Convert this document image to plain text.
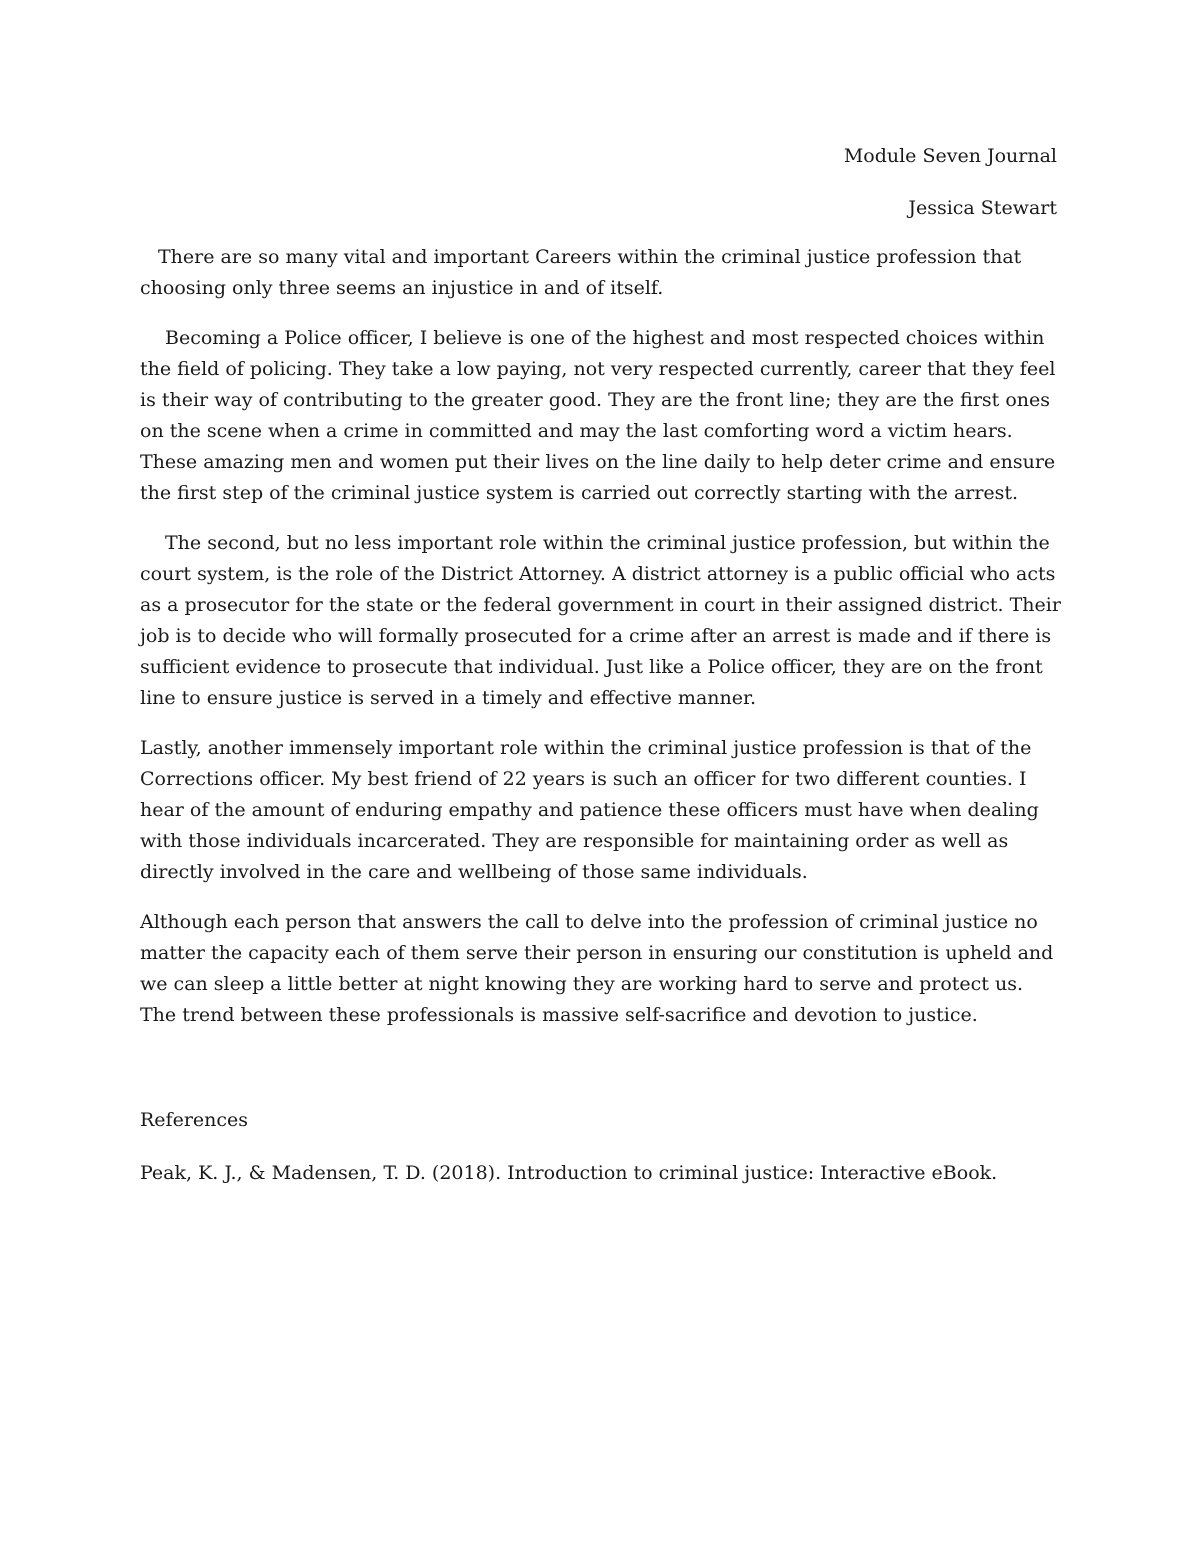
Module Seven Journal

Jessica Stewart

There are so many vital and important Careers within the criminal justice profession that choosing only three seems an injustice in and of itself.

Becoming a Police officer, I believe is one of the highest and most respected choices within the field of policing. They take a low paying, not very respected currently, career that they feel is their way of contributing to the greater good. They are the front line; they are the first ones on the scene when a crime in committed and may the last comforting word a victim hears. These amazing men and women put their lives on the line daily to help deter crime and ensure the first step of the criminal justice system is carried out correctly starting with the arrest.

The second, but no less important role within the criminal justice profession, but within the court system, is the role of the District Attorney. A district attorney is a public official who acts as a prosecutor for the state or the federal government in court in their assigned district. Their job is to decide who will formally prosecuted for a crime after an arrest is made and if there is sufficient evidence to prosecute that individual. Just like a Police officer, they are on the front line to ensure justice is served in a timely and effective manner.

Lastly, another immensely important role within the criminal justice profession is that of the Corrections officer. My best friend of 22 years is such an officer for two different counties. I hear of the amount of enduring empathy and patience these officers must have when dealing with those individuals incarcerated. They are responsible for maintaining order as well as directly involved in the care and wellbeing of those same individuals.

Although each person that answers the call to delve into the profession of criminal justice no matter the capacity each of them serve their person in ensuring our constitution is upheld and we can sleep a little better at night knowing they are working hard to serve and protect us. The trend between these professionals is massive self-sacrifice and devotion to justice.

References

Peak, K. J., & Madensen, T. D. (2018). Introduction to criminal justice: Interactive eBook.
